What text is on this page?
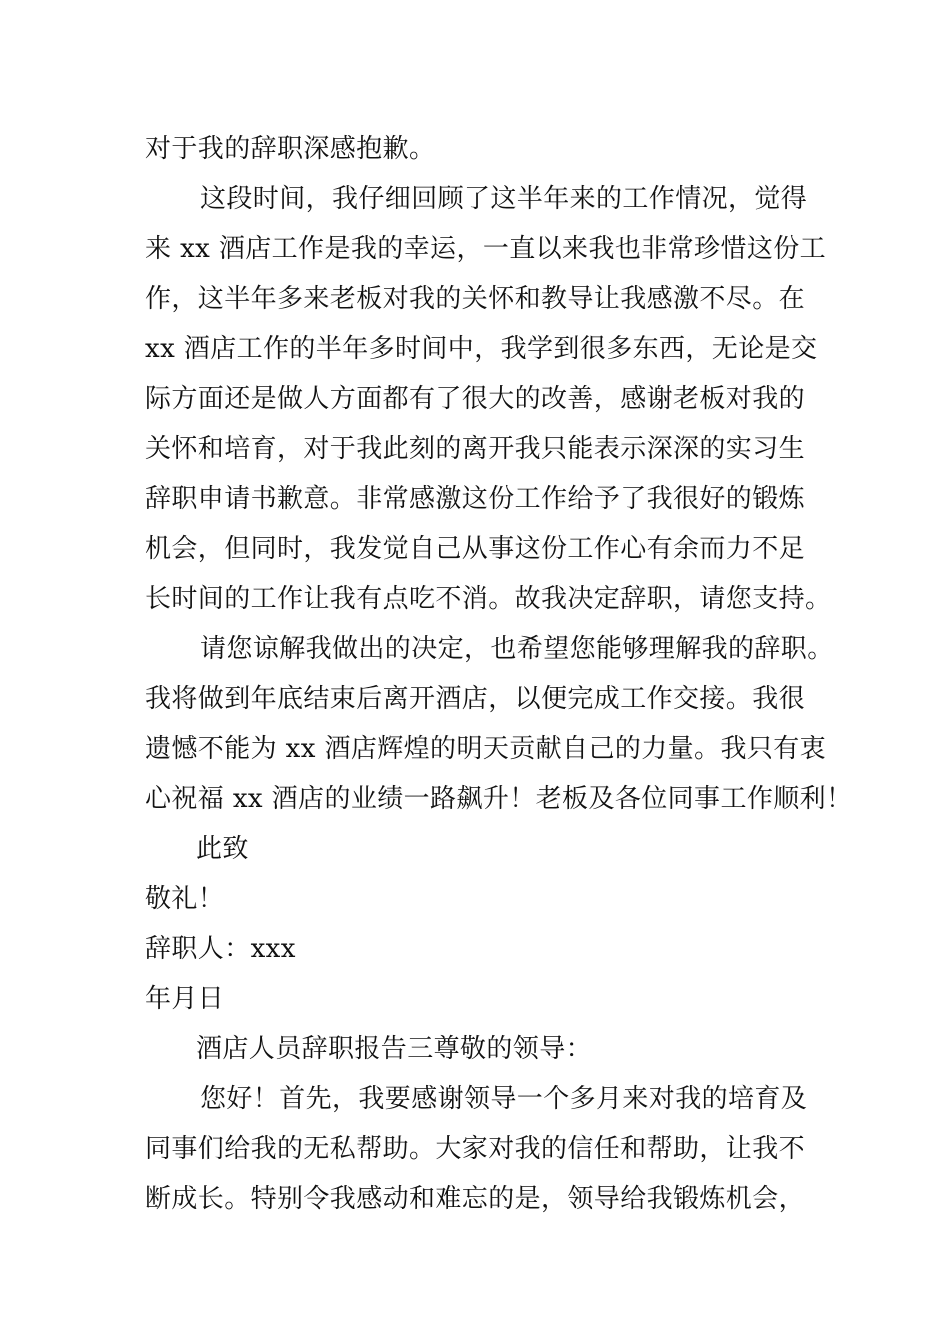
对于我的辞职深感抱歉。
这段时间，我仔细回顾了这半年来的工作情况，觉得
来 xx 酒店工作是我的幸运，一直以来我也非常珍惜这份工
作，这半年多来老板对我的关怀和教导让我感激不尽。在
xx 酒店工作的半年多时间中，我学到很多东西，无论是交
际方面还是做人方面都有了很大的改善，感谢老板对我的
关怀和培育，对于我此刻的离开我只能表示深深的实习生
辞职申请书歉意。非常感激这份工作给予了我很好的锻炼
机会，但同时，我发觉自己从事这份工作心有余而力不足
长时间的工作让我有点吃不消。故我决定辞职，请您支持。
请您谅解我做出的决定，也希望您能够理解我的辞职。
我将做到年底结束后离开酒店，以便完成工作交接。我很
遗憾不能为 xx 酒店辉煌的明天贡献自己的力量。我只有衷
心祝福 xx 酒店的业绩一路飙升！老板及各位同事工作顺利！
此致
敬礼！
辞职人：xxx
年月日
酒店人员辞职报告三尊敬的领导：
您好！首先，我要感谢领导一个多月来对我的培育及
同事们给我的无私帮助。大家对我的信任和帮助，让我不
断成长。特别令我感动和难忘的是，领导给我锻炼机会，
